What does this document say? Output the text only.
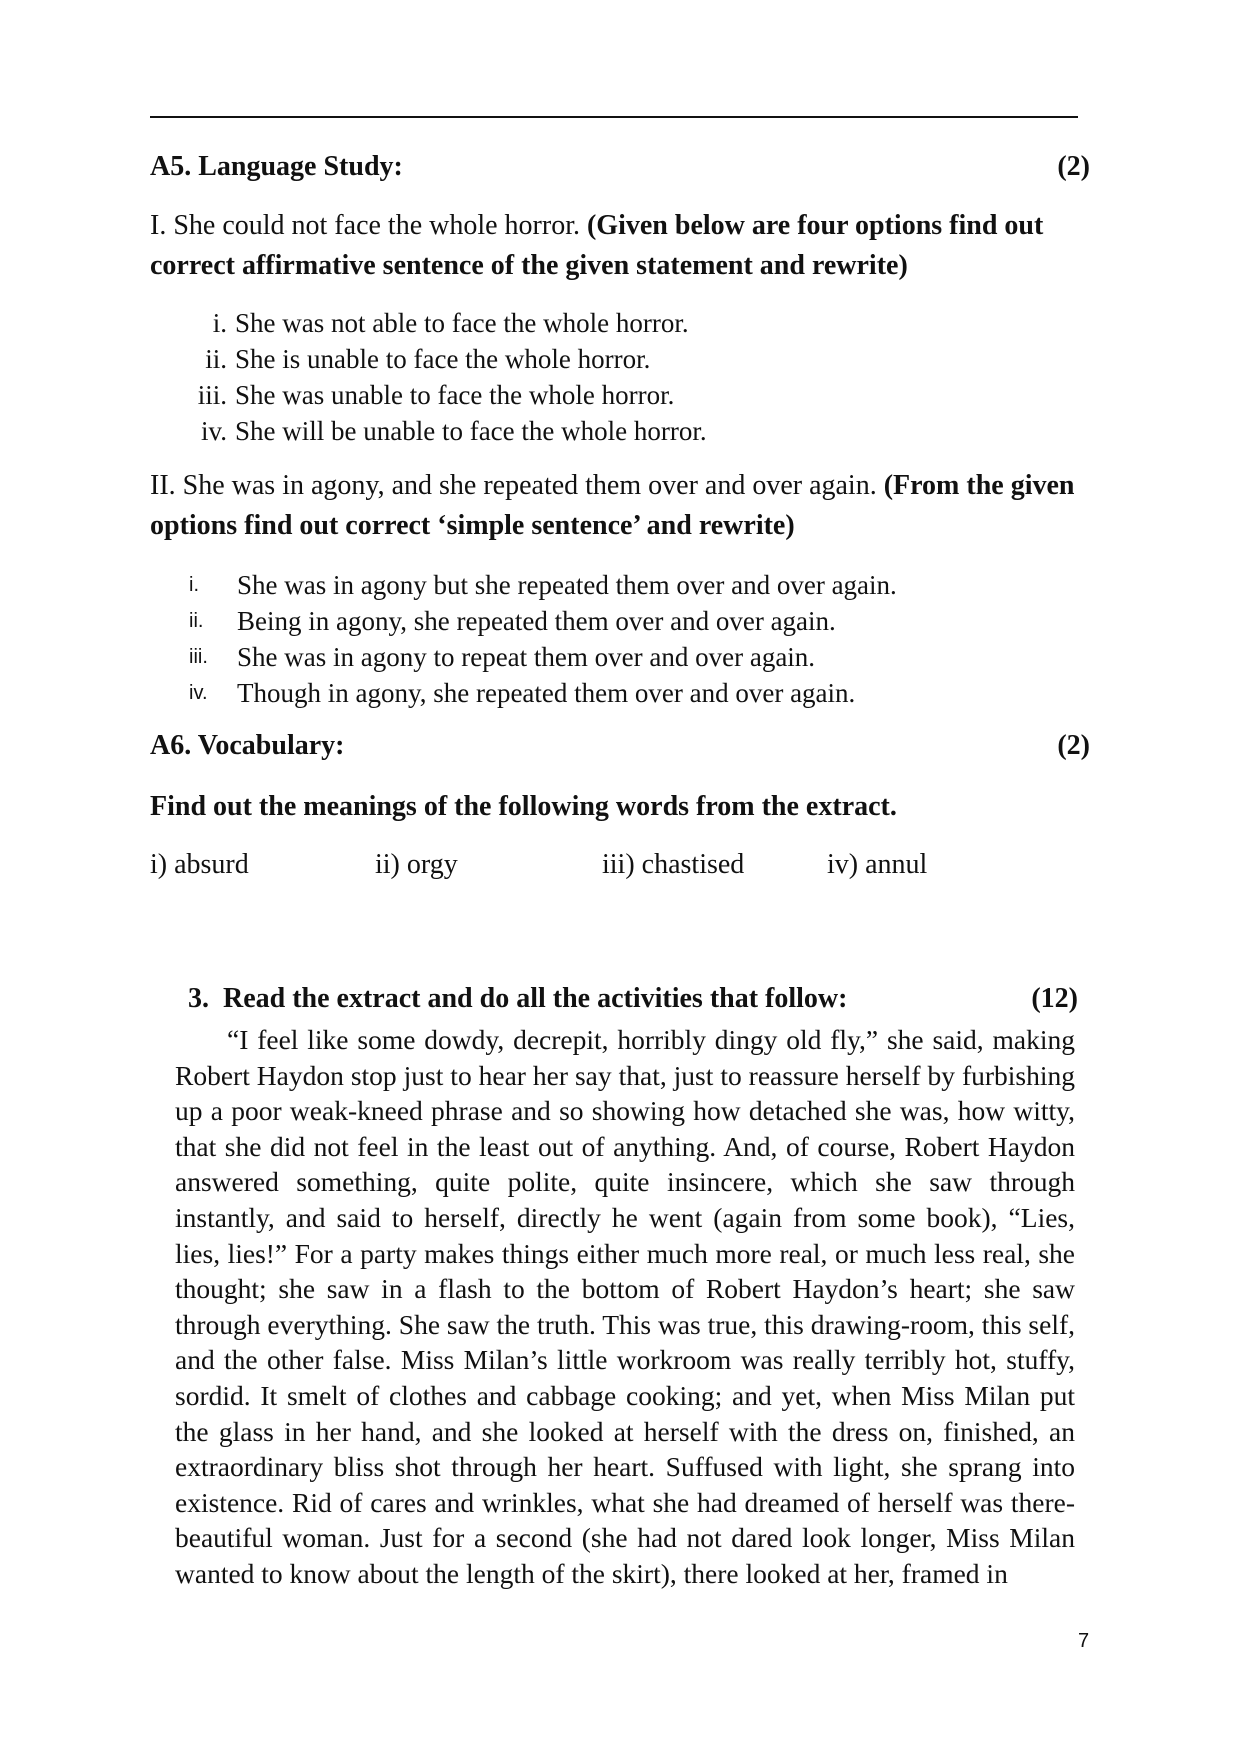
A5. Language Study:	(2)
I. She could not face the whole horror. (Given below are four options find out correct affirmative sentence of the given statement and rewrite)
i. She was not able to face the whole horror.
ii. She is unable to face the whole horror.
iii. She was unable to face the whole horror.
iv. She will be unable to face the whole horror.
II. She was in agony, and she repeated them over and over again. (From the given options find out correct ‘simple sentence’ and rewrite)
i.	She was in agony but she repeated them over and over again.
ii.	Being in agony, she repeated them over and over again.
iii.	She was in agony to repeat them over and over again.
iv.	Though in agony, she repeated them over and over again.
A6. Vocabulary:	(2)
Find out the meanings of the following words from the extract.
i) absurd	ii) orgy	iii) chastised	iv) annul
3.  Read the extract and do all the activities that follow:	(12)

“I feel like some dowdy, decrepit, horribly dingy old fly,” she said, making Robert Haydon stop just to hear her say that, just to reassure herself by furbishing up a poor weak-kneed phrase and so showing how detached she was, how witty, that she did not feel in the least out of anything. And, of course, Robert Haydon answered something, quite polite, quite insincere, which she saw through instantly, and said to herself, directly he went (again from some book), “Lies, lies, lies!” For a party makes things either much more real, or much less real, she thought; she saw in a flash to the bottom of Robert Haydon’s heart; she saw through everything. She saw the truth. This was true, this drawing-room, this self, and the other false. Miss Milan’s little workroom was really terribly hot, stuffy, sordid. It smelt of clothes and cabbage cooking; and yet, when Miss Milan put the glass in her hand, and she looked at herself with the dress on, finished, an extraordinary bliss shot through her heart. Suffused with light, she sprang into existence. Rid of cares and wrinkles, what she had dreamed of herself was there-beautiful woman. Just for a second (she had not dared look longer, Miss Milan wanted to know about the length of the skirt), there looked at her, framed in

7
